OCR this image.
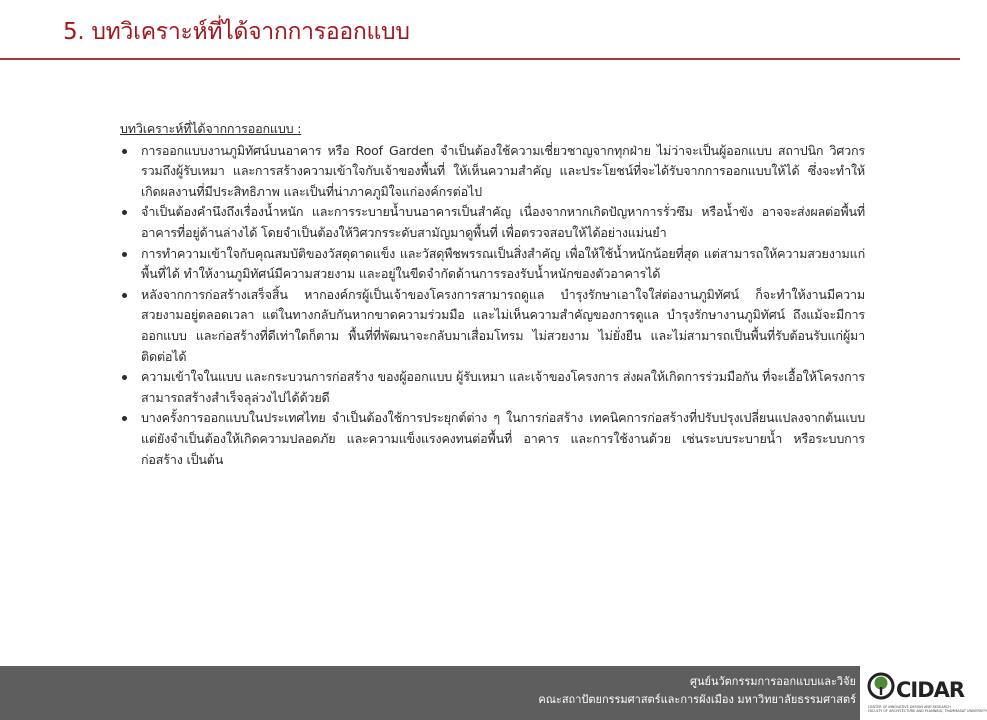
5. บทวิเคราะห์ที่ได้จากการออกแบบ

บทวิเคราะห์ที่ได้จากการออกแบบ :

การออกแบบงานภูมิทัศน์บนอาคาร หรือ Roof Garden จำเป็นต้องใช้ความเชี่ยวชาญจากทุกฝ่าย ไม่ว่าจะเป็นผู้ออกแบบ สถาปนิก วิศวกร รวมถึงผู้รับเหมา และการสร้างความเข้าใจกับเจ้าของพื้นที่ ให้เห็นความสำคัญ และประโยชน์ที่จะได้รับจากการออกแบบให้ได้ ซึ่งจะทำให้เกิดผลงานที่มีประสิทธิภาพ และเป็นที่น่าภาคภูมิใจแก่องค์กรต่อไป
จำเป็นต้องคำนึงถึงเรื่องน้ำหนัก และการระบายน้ำบนอาคารเป็นสำคัญ เนื่องจากหากเกิดปัญหาการรั่วซึม หรือน้ำขัง อาจจะส่งผลต่อพื้นที่อาคารที่อยู่ด้านล่างได้ โดยจำเป็นต้องให้วิศวกรระดับสามัญมาดูพื้นที่ เพื่อตรวจสอบให้ได้อย่างแม่นยำ
การทำความเข้าใจกับคุณสมบัติของวัสดุดาดแข็ง และวัสดุพืชพรรณเป็นสิ่งสำคัญ เพื่อให้ใช้น้ำหนักน้อยที่สุด แต่สามารถให้ความสวยงามแก่พื้นที่ได้ ทำให้งานภูมิทัศน์มีความสวยงาม และอยู่ในขีดจำกัดด้านการรองรับน้ำหนักของตัวอาคารได้
หลังจากการก่อสร้างเสร็จสิ้น หากองค์กรผู้เป็นเจ้าของโครงการสามารถดูแล บำรุงรักษาเอาใจใส่ต่องานภูมิทัศน์ ก็จะทำให้งานมีความสวยงามอยู่ตลอดเวลา แต่ในทางกลับกันหากขาดความร่วมมือ และไม่เห็นความสำคัญของการดูแล บำรุงรักษางานภูมิทัศน์ ถึงแม้จะมีการออกแบบ และก่อสร้างที่ดีเท่าใดก็ตาม พื้นที่ที่พัฒนาจะกลับมาเสื่อมโทรม ไม่สวยงาม ไม่ยั่งยืน และไม่สามารถเป็นพื้นที่รับต้อนรับแก่ผู้มาติดต่อได้
ความเข้าใจในแบบ และกระบวนการก่อสร้าง ของผู้ออกแบบ ผู้รับเหมา และเจ้าของโครงการ ส่งผลให้เกิดการร่วมมือกัน ที่จะเอื้อให้โครงการสามารถสร้างสำเร็จลุล่วงไปได้ด้วยดี
บางครั้งการออกแบบในประเทศไทย จำเป็นต้องใช้การประยุกต์ต่าง ๆ ในการก่อสร้าง เทคนิคการก่อสร้างที่ปรับปรุงเปลี่ยนแปลงจากต้นแบบ แต่ยังจำเป็นต้องให้เกิดความปลอดภัย และความแข็งแรงคงทนต่อพื้นที่ อาคาร และการใช้งานด้วย เช่นระบบระบายน้ำ หรือระบบการก่อสร้าง เป็นต้น
ศูนย์นวัตกรรมการออกแบบและวิจัย
คณะสถาปัตยกรรมศาสตร์และการผังเมือง มหาวิทยาลัยธรรมศาสตร์ CIDAR
CENTER OF INNOVATIVE DESIGN AND RESEARCH
FACULTY OF ARCHITECTURE AND PLANNING, THAMMASAT UNIVERSITY
